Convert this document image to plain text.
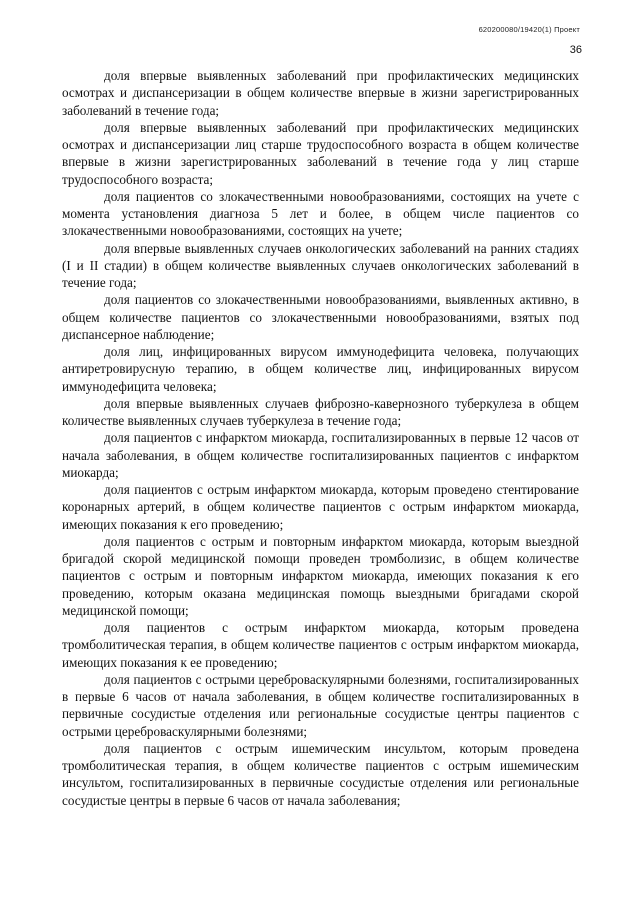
620200080/19420(1) Проект
36

доля впервые выявленных заболеваний при профилактических медицинских осмотрах и диспансеризации в общем количестве впервые в жизни зарегистрированных заболеваний в течение года;

доля впервые выявленных заболеваний при профилактических медицинских осмотрах и диспансеризации лиц старше трудоспособного возраста в общем количестве впервые в жизни зарегистрированных заболеваний в течение года у лиц старше трудоспособного возраста;

доля пациентов со злокачественными новообразованиями, состоящих на учете с момента установления диагноза 5 лет и более, в общем числе пациентов со злокачественными новообразованиями, состоящих на учете;

доля впервые выявленных случаев онкологических заболеваний на ранних стадиях (I и II стадии) в общем количестве выявленных случаев онкологических заболеваний в течение года;

доля пациентов со злокачественными новообразованиями, выявленных активно, в общем количестве пациентов со злокачественными новообразованиями, взятых под диспансерное наблюдение;

доля лиц, инфицированных вирусом иммунодефицита человека, получающих антиретровирусную терапию, в общем количестве лиц, инфицированных вирусом иммунодефицита человека;

доля впервые выявленных случаев фиброзно-кавернозного туберкулеза в общем количестве выявленных случаев туберкулеза в течение года;

доля пациентов с инфарктом миокарда, госпитализированных в первые 12 часов от начала заболевания, в общем количестве госпитализированных пациентов с инфарктом миокарда;

доля пациентов с острым инфарктом миокарда, которым проведено стентирование коронарных артерий, в общем количестве пациентов с острым инфарктом миокарда, имеющих показания к его проведению;

доля пациентов с острым и повторным инфарктом миокарда, которым выездной бригадой скорой медицинской помощи проведен тромболизис, в общем количестве пациентов с острым и повторным инфарктом миокарда, имеющих показания к его проведению, которым оказана медицинская помощь выездными бригадами скорой медицинской помощи;

доля пациентов с острым инфарктом миокарда, которым проведена тромболитическая терапия, в общем количестве пациентов с острым инфарктом миокарда, имеющих показания к ее проведению;

доля пациентов с острыми цереброваскулярными болезнями, госпитализированных в первые 6 часов от начала заболевания, в общем количестве госпитализированных в первичные сосудистые отделения или региональные сосудистые центры пациентов с острыми цереброваскулярными болезнями;

доля пациентов с острым ишемическим инсультом, которым проведена тромболитическая терапия, в общем количестве пациентов с острым ишемическим инсультом, госпитализированных в первичные сосудистые отделения или региональные сосудистые центры в первые 6 часов от начала заболевания;
